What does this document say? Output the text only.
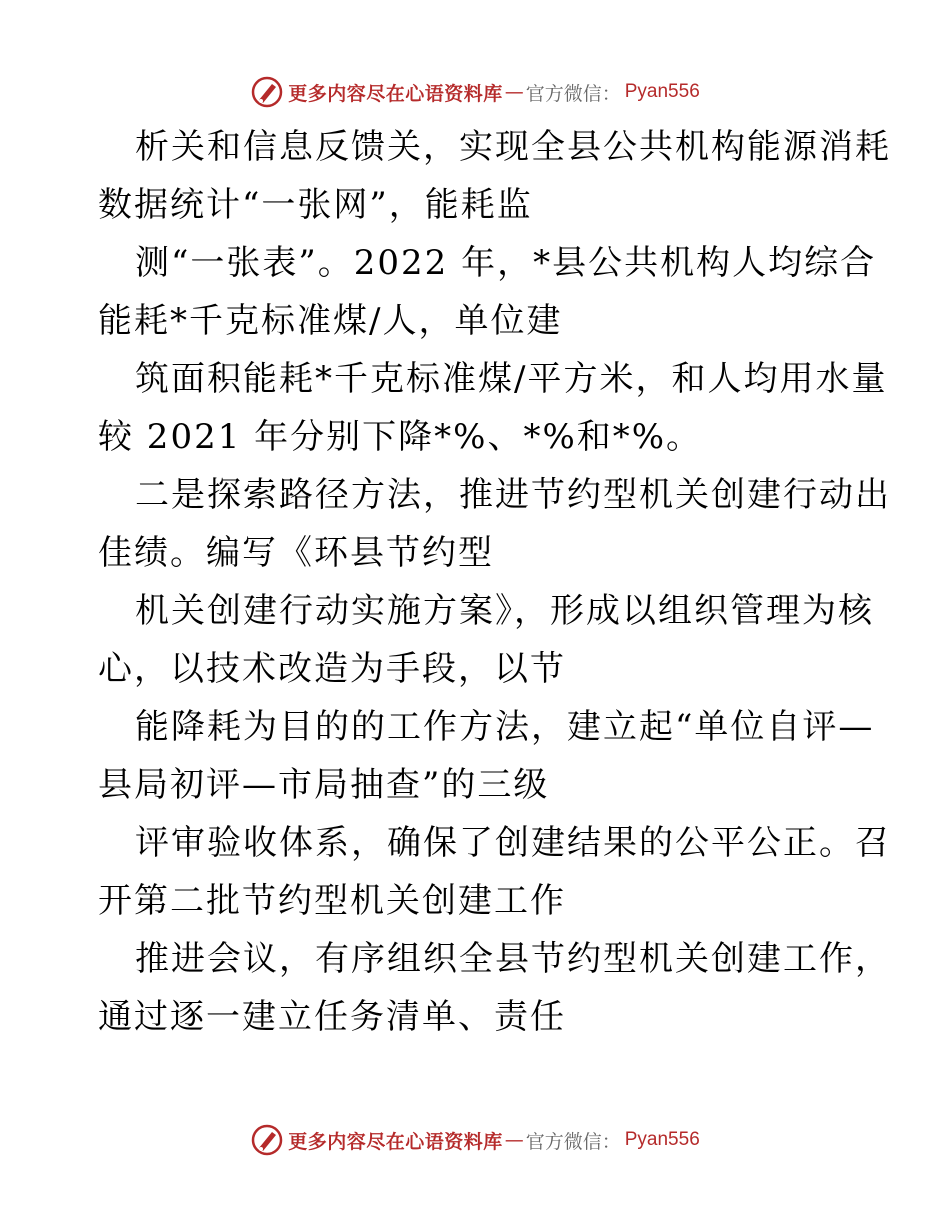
更多内容尽在心语资料库 — 官方微信： Pyan556
析关和信息反馈关，实现全县公共机构能源消耗
数据统计“一张网”，能耗监
测“一张表”。2022 年，*县公共机构人均综合
能耗*千克标准煤/人，单位建
筑面积能耗*千克标准煤/平方米，和人均用水量
较 2021 年分别下降*%、*%和*%。
二是探索路径方法，推进节约型机关创建行动出
佳绩。编写《环县节约型
机关创建行动实施方案》，形成以组织管理为核
心，以技术改造为手段，以节
能降耗为目的的工作方法，建立起“单位自评—
县局初评—市局抽查”的三级
评审验收体系，确保了创建结果的公平公正。召
开第二批节约型机关创建工作
推进会议，有序组织全县节约型机关创建工作，
通过逐一建立任务清单、责任
更多内容尽在心语资料库 — 官方微信： Pyan556
